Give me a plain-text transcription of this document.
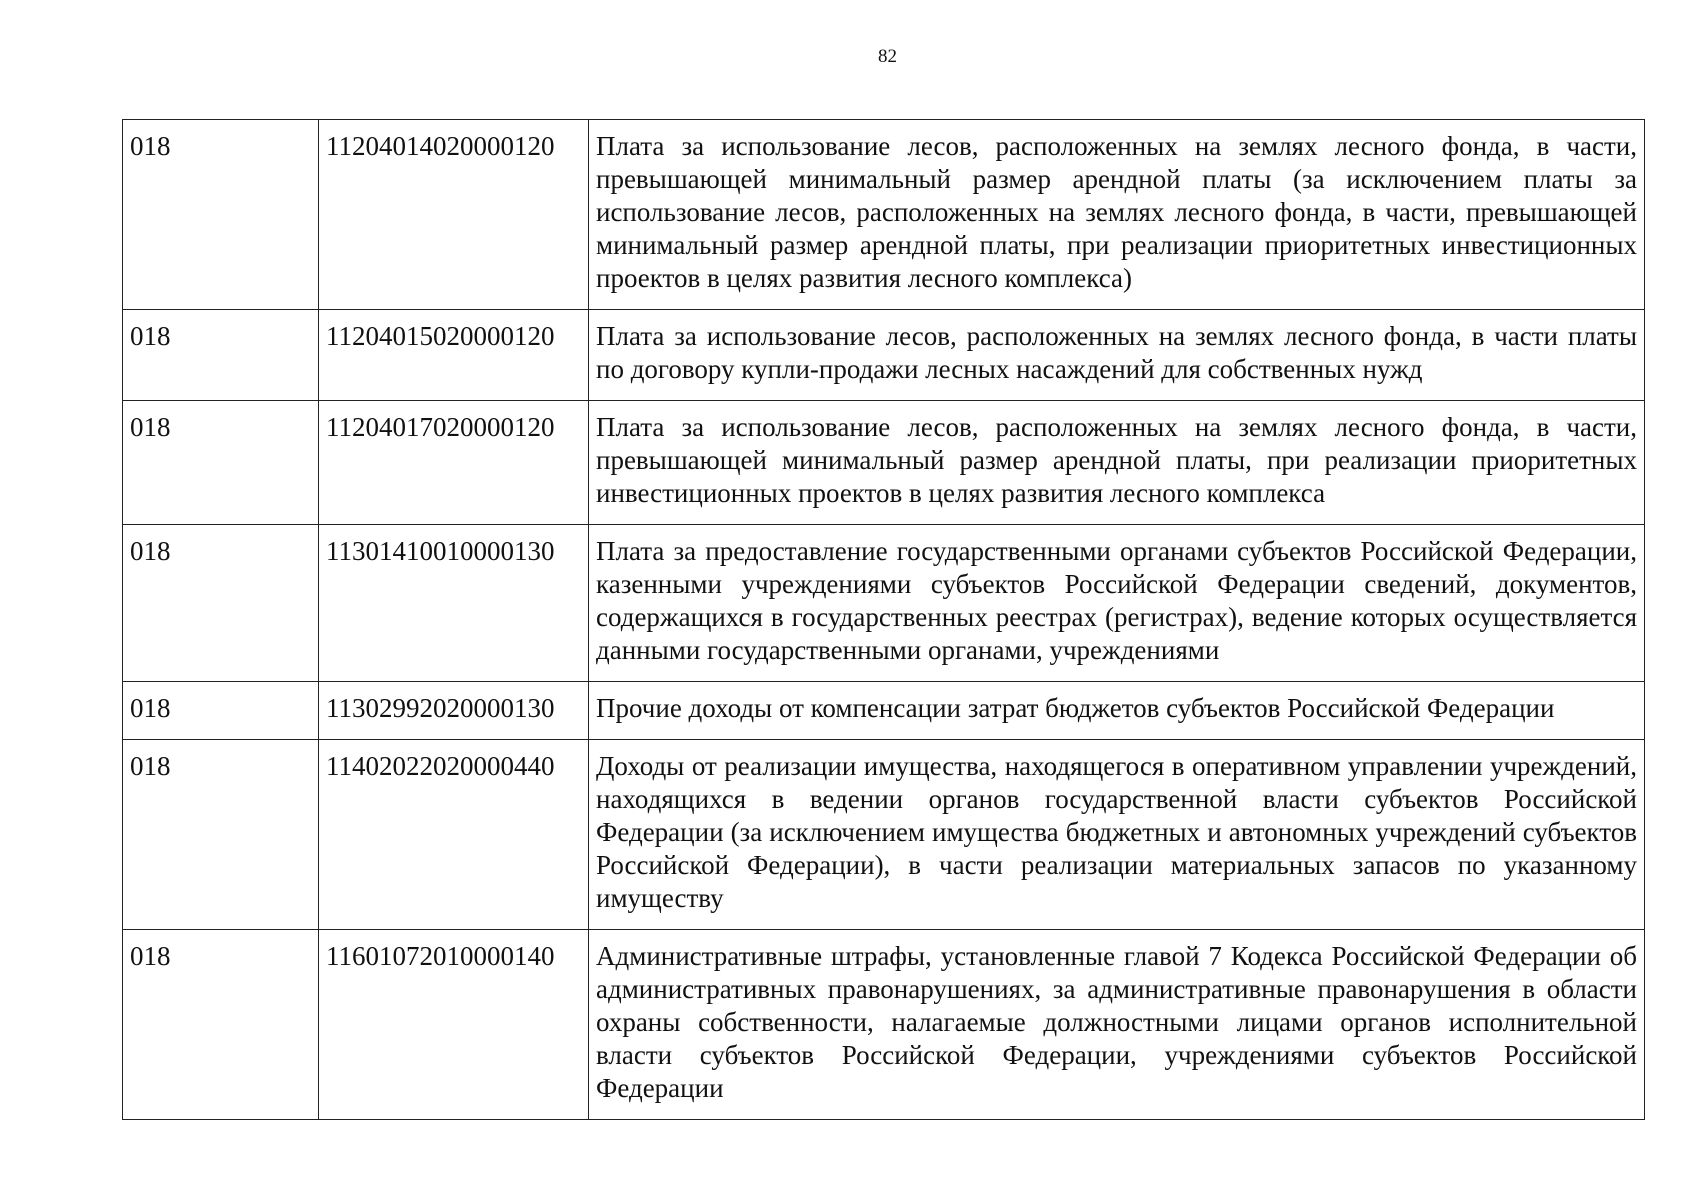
82
018	11204014020000120	Плата за использование лесов, расположенных на землях лесного фонда, в части, превышающей минимальный размер арендной платы (за исключением платы за использование лесов, расположенных на землях лесного фонда, в части, превышающей минимальный размер арендной платы, при реализации приоритетных инвестиционных проектов в целях развития лесного комплекса)
018	11204015020000120	Плата за использование лесов, расположенных на землях лесного фонда, в части платы по договору купли-продажи лесных насаждений для собственных нужд
018	11204017020000120	Плата за использование лесов, расположенных на землях лесного фонда, в части, превышающей минимальный размер арендной платы, при реализации приоритетных инвестиционных проектов в целях развития лесного комплекса
018	11301410010000130	Плата за предоставление государственными органами субъектов Российской Федерации, казенными учреждениями субъектов Российской Федерации сведений, документов, содержащихся в государственных реестрах (регистрах), ведение которых осуществляется данными государственными органами, учреждениями
018	11302992020000130	Прочие доходы от компенсации затрат бюджетов субъектов Российской Федерации
018	11402022020000440	Доходы от реализации имущества, находящегося в оперативном управлении учреждений, находящихся в ведении органов государственной власти субъектов Российской Федерации (за исключением имущества бюджетных и автономных учреждений субъектов Российской Федерации), в части реализации материальных запасов по указанному имуществу
018	11601072010000140	Административные штрафы, установленные главой 7 Кодекса Российской Федерации об административных правонарушениях, за административные правонарушения в области охраны собственности, налагаемые должностными лицами органов исполнительной власти субъектов Российской Федерации, учреждениями субъектов Российской Федерации
